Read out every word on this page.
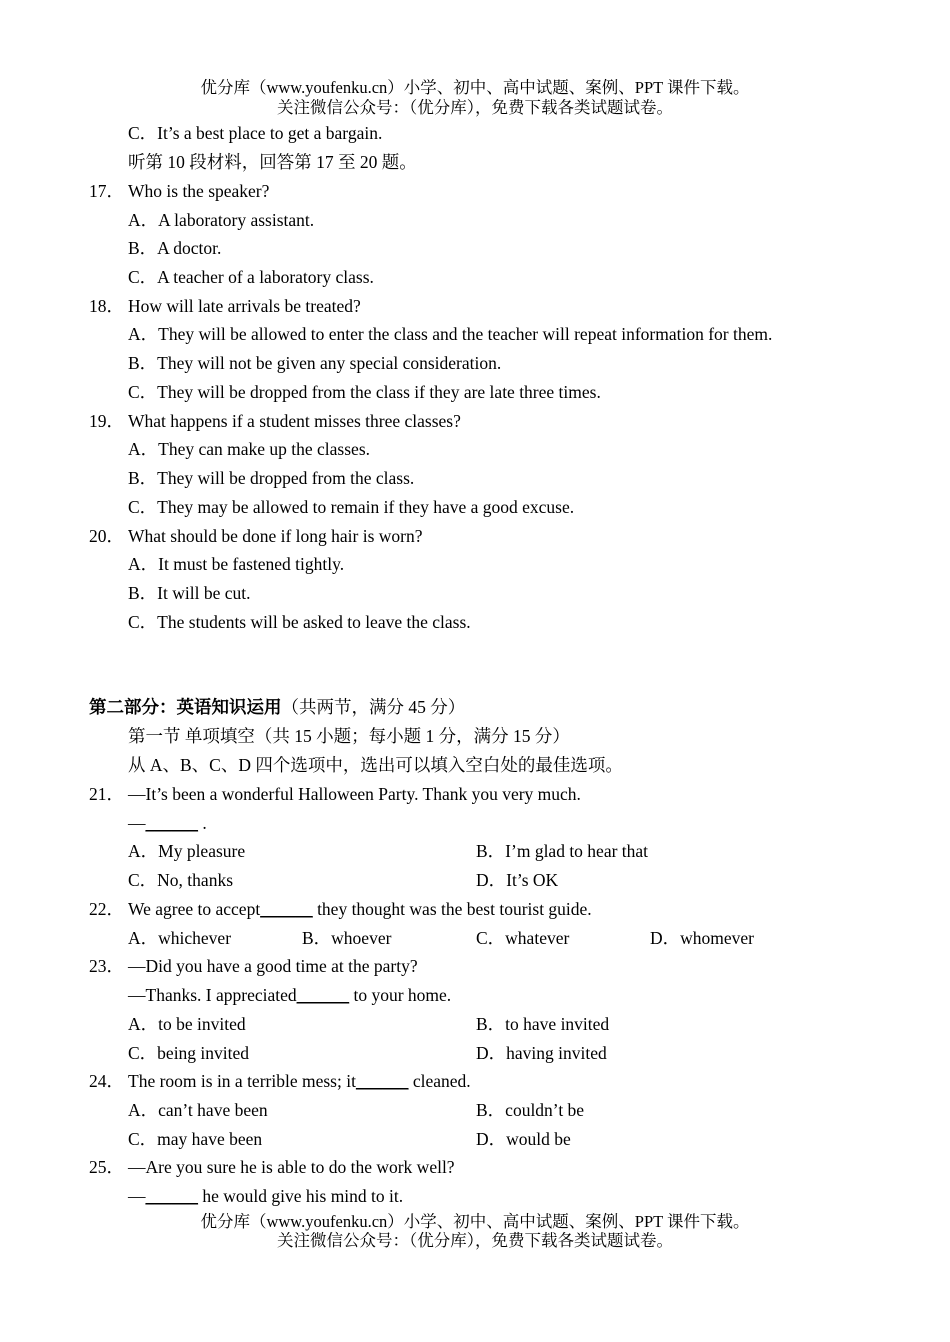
优分库（www.youfenku.cn）小学、初中、高中试题、案例、PPT 课件下载。
关注微信公众号：（优分库），免费下载各类试题试卷。
C．It’s a best place to get a bargain.
听第 10 段材料，回答第 17 至 20 题。
17． Who is the speaker?
A．A laboratory assistant.
B．A doctor.
C．A teacher of a laboratory class.
18． How will late arrivals be treated?
A．They will be allowed to enter the class and the teacher will repeat information for them.
B．They will not be given any special consideration.
C．They will be dropped from the class if they are late three times.
19． What happens if a student misses three classes?
A．They can make up the classes.
B．They will be dropped from the class.
C．They may be allowed to remain if they have a good excuse.
20． What should be done if long hair is worn?
A．It must be fastened tightly.
B．It will be cut.
C．The students will be asked to leave the class.
第二部分：英语知识运用（共两节，满分 45 分）
第一节 单项填空（共 15 小题；每小题 1 分，满分 15 分）
从 A、B、C、D 四个选项中，选出可以填入空白处的最佳选项。
21． —It’s been a wonderful Halloween Party. Thank you very much.
—______ .
A．My pleasure	B．I’m glad to hear that
C．No, thanks	D．It’s OK
22． We agree to accept______ they thought was the best tourist guide.
A．whichever	B．whoever	C．whatever	D．whomever
23． —Did you have a good time at the party?
—Thanks. I appreciated______ to your home.
A．to be invited	B．to have invited
C．being invited	D．having invited
24． The room is in a terrible mess; it______ cleaned.
A．can’t have been	B．couldn’t be
C．may have been	D．would be
25． —Are you sure he is able to do the work well?
—______ he would give his mind to it.
优分库（www.youfenku.cn）小学、初中、高中试题、案例、PPT 课件下载。
关注微信公众号：（优分库），免费下载各类试题试卷。
